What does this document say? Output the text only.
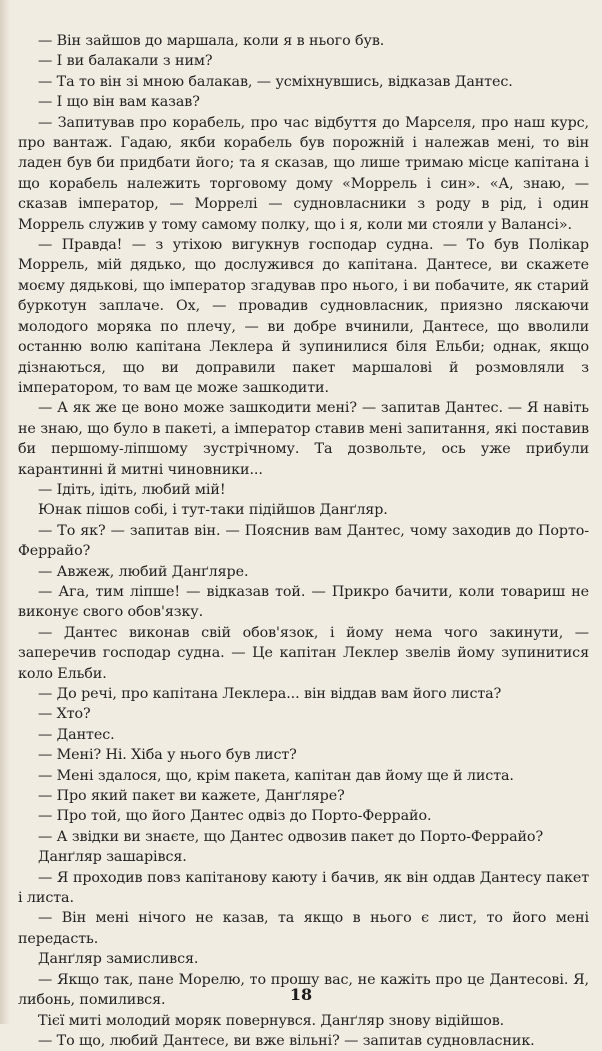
— Він зайшов до маршала, коли я в нього був.

— І ви балакали з ним?

— Та то він зі мною балакав, — усміхнувшись, відказав Дантес.

— І що він вам казав?

— Запитував про корабель, про час відбуття до Марселя, про наш курс, про вантаж. Гадаю, якби корабель був порожній і належав мені, то він ладен був би придбати його; та я сказав, що лише тримаю місце капітана і що корабель належить торговому дому «Моррель і син». «А, знаю, — сказав імператор, — Моррелі — судновласники з роду в рід, і один Моррель служив у тому самому полку, що і я, коли ми стояли у Валансі».

— Правда! — з утіхою вигукнув господар судна. — То був Полікар Моррель, мій дядько, що дослужився до капітана. Дантесе, ви скажете моєму дядькові, що імператор згадував про нього, і ви побачите, як старий буркотун заплаче. Ох, — провадив судновласник, приязно ляскаючи молодого моряка по плечу, — ви добре вчинили, Дантесе, що вволили останню волю капітана Леклера й зупинилися біля Ельби; однак, якщо дізнаються, що ви доправили пакет маршалові й розмовляли з імператором, то вам це може зашкодити.

— А як же це воно може зашкодити мені? — запитав Дантес. — Я навіть не знаю, що було в пакеті, а імператор ставив мені запитання, які поставив би першому-ліпшому зустрічному. Та дозвольте, ось уже прибули карантинні й митні чиновники...

— Ідіть, ідіть, любий мій!

Юнак пішов собі, і тут-таки підійшов Данґляр.

— То як? — запитав він. — Пояснив вам Дантес, чому заходив до Порто-Феррайо?

— Авжеж, любий Данґляре.

— Ага, тим ліпше! — відказав той. — Прикро бачити, коли товариш не виконує свого обов'язку.

— Дантес виконав свій обов'язок, і йому нема чого закинути, — заперечив господар судна. — Це капітан Леклер звелів йому зупинитися коло Ельби.

— До речі, про капітана Леклера... він віддав вам його листа?

— Хто?

— Дантес.

— Мені? Ні. Хіба у нього був лист?

— Мені здалося, що, крім пакета, капітан дав йому ще й листа.

— Про який пакет ви кажете, Данґляре?

— Про той, що його Дантес одвіз до Порто-Феррайо.

— А звідки ви знаєте, що Дантес одвозив пакет до Порто-Феррайо?

Данґляр зашарівся.

— Я проходив повз капітанову каюту і бачив, як він оддав Дантесу пакет і листа.

— Він мені нічого не казав, та якщо в нього є лист, то його мені передасть.

Данґляр замислився.

— Якщо так, пане Морелю, то прошу вас, не кажіть про це Дантесові. Я, либонь, помилився.

Тієї миті молодий моряк повернувся. Данґляр знову відійшов.

— То що, любий Дантесе, ви вже вільні? — запитав судновласник.

18
